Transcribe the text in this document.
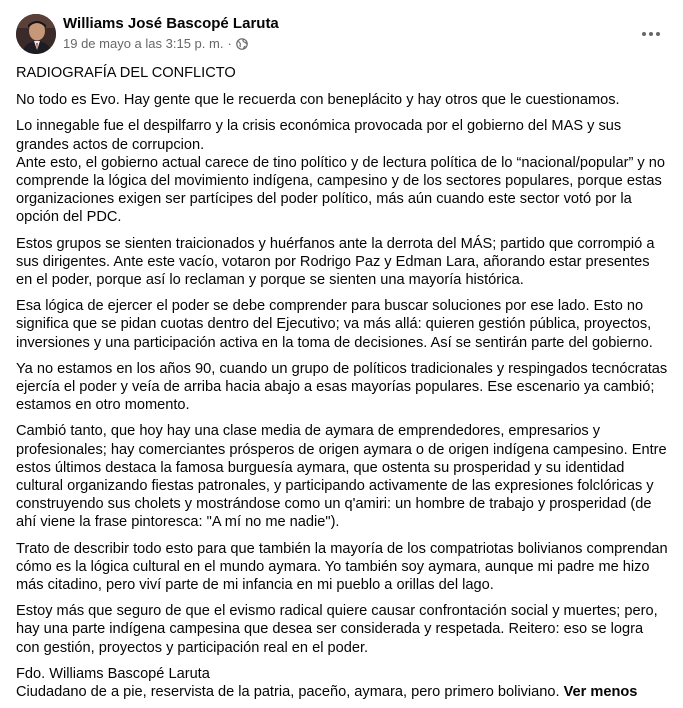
Williams José Bascopé Laruta
19 de mayo a las 3:15 p. m. ·

RADIOGRAFÍA DEL CONFLICTO

No todo es Evo. Hay gente que le recuerda con beneplácito y hay otros que le cuestionamos.

Lo innegable fue el despilfarro y la crisis económica provocada por el gobierno del MAS y sus grandes actos de corrupcion.

Ante esto, el gobierno actual carece de tino político y de lectura política de lo “nacional/popular” y no comprende la lógica del movimiento indígena, campesino y de los sectores populares, porque estas organizaciones exigen ser partícipes del poder político, más aún cuando este sector votó por la opción del PDC.

Estos grupos se sienten traicionados y huérfanos ante la derrota del MÁS; partido que corrompió a sus dirigentes. Ante este vacío, votaron por Rodrigo Paz y Edman Lara, añorando estar presentes en el poder, porque así lo reclaman y porque se sienten una mayoría histórica.

Esa lógica de ejercer el poder se debe comprender para buscar soluciones por ese lado. Esto no significa que se pidan cuotas dentro del Ejecutivo; va más allá: quieren gestión pública, proyectos, inversiones y una participación activa en la toma de decisiones. Así se sentirán parte del gobierno.

Ya no estamos en los años 90, cuando un grupo de políticos tradicionales y respingados tecnócratas ejercía el poder y veía de arriba hacia abajo a esas mayorías populares. Ese escenario ya cambió; estamos en otro momento.

Cambió tanto, que hoy hay una clase media de aymara de emprendedores, empresarios y profesionales; hay comerciantes prósperos de origen aymara o de origen indígena campesino. Entre estos últimos destaca la famosa burguesía aymara, que ostenta su prosperidad y su identidad cultural organizando fiestas patronales, y participando activamente de las expresiones folclóricas y construyendo sus cholets y mostrándose como un q'amiri: un hombre de trabajo y prosperidad (de ahí viene la frase pintoresca: "A mí no me nadie").

Trato de describir todo esto para que también la mayoría de los compatriotas bolivianos comprendan cómo es la lógica cultural en el mundo aymara. Yo también soy aymara, aunque mi padre me hizo más citadino, pero viví parte de mi infancia en mi pueblo a orillas del lago.

Estoy más que seguro de que el evismo radical quiere causar confrontación social y muertes; pero, hay una parte indígena campesina que desea ser considerada y respetada. Reitero: eso se logra con gestión, proyectos y participación real en el poder.

Fdo. Williams Bascopé Laruta
Ciudadano de a pie, reservista de la patria, paceño, aymara, pero primero boliviano. Ver menos
